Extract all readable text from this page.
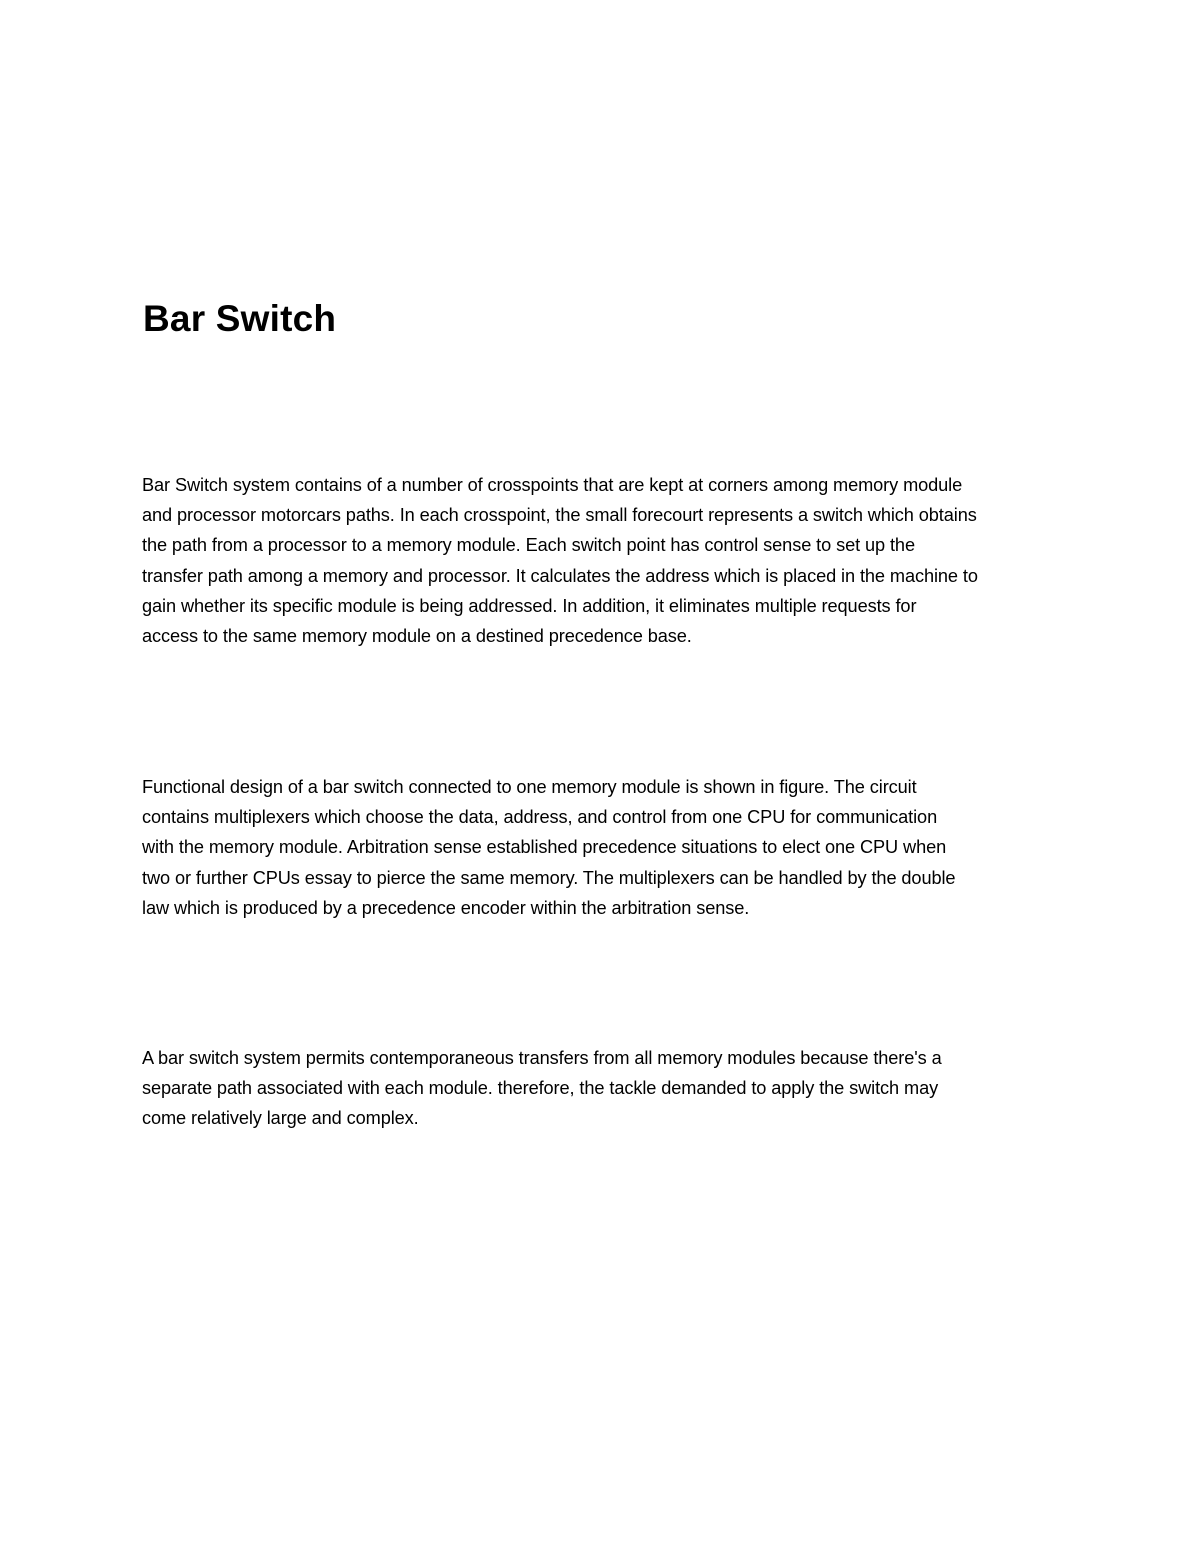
Bar Switch

Bar Switch system contains of a number of crosspoints that are kept at corners among memory module
and processor motorcars paths. In each crosspoint, the small forecourt represents a switch which obtains
the path from a processor to a memory module. Each switch point has control sense to set up the
transfer path among a memory and processor. It calculates the address which is placed in the machine to
gain whether its specific module is being addressed. In addition, it eliminates multiple requests for
access to the same memory module on a destined precedence base.

Functional design of a bar switch connected to one memory module is shown in figure. The circuit
contains multiplexers which choose the data, address, and control from one CPU for communication
with the memory module. Arbitration sense established precedence situations to elect one CPU when
two or further CPUs essay to pierce the same memory. The multiplexers can be handled by the double
law which is produced by a precedence encoder within the arbitration sense.

A bar switch system permits contemporaneous transfers from all memory modules because there's a
separate path associated with each module. therefore, the tackle demanded to apply the switch may
come relatively large and complex.
